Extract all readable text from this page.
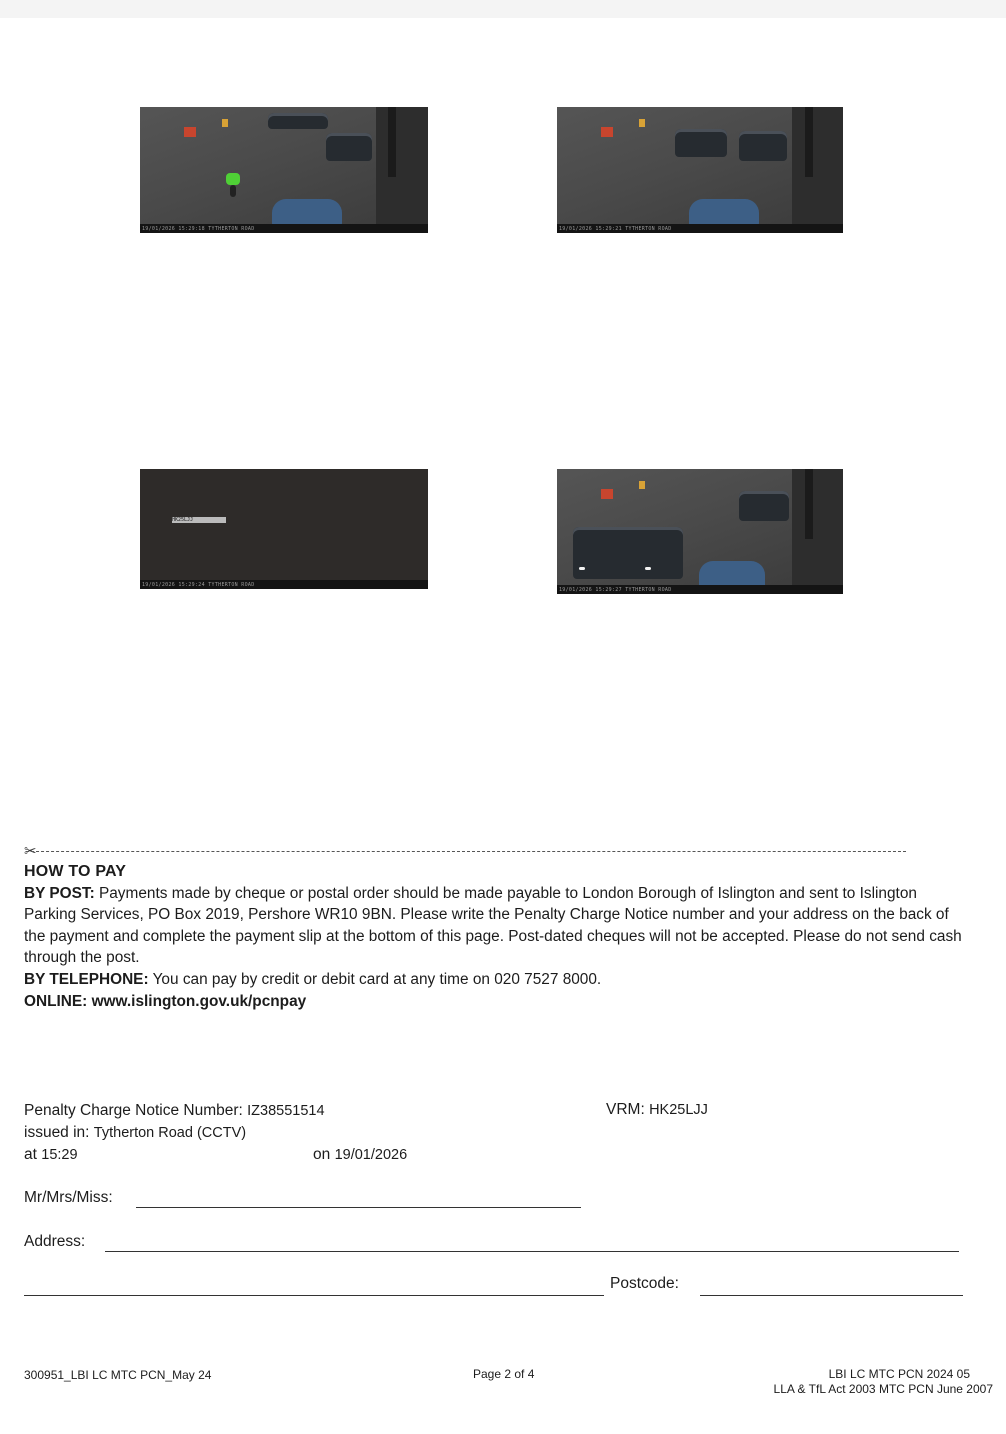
19/01/2026 15:29:18 TYTHERTON ROAD	19/01/2026 15:29:21 TYTHERTON ROAD
HK25LJJ
19/01/2026 15:29:24 TYTHERTON ROAD
19/01/2026 15:29:27 TYTHERTON ROAD
✂
HOW TO PAY

BY POST: Payments made by cheque or postal order should be made payable to London Borough of Islington and sent to Islington Parking Services, PO Box 2019, Pershore WR10 9BN. Please write the Penalty Charge Notice number and your address on the back of the payment and complete the payment slip at the bottom of this page. Post-dated cheques will not be accepted. Please do not send cash through the post.

BY TELEPHONE: You can pay by credit or debit card at any time on 020 7527 8000.

ONLINE: www.islington.gov.uk/pcnpay

Penalty Charge Notice Number: IZ38551514	VRM: HK25LJJ
issued in: Tytherton Road (CCTV)
at 15:29	on 19/01/2026
Mr/Mrs/Miss:
Address:
Postcode:
300951_LBI LC MTC PCN_May 24	Page 2 of 4	LBI LC MTC PCN 2024 05
LLA & TfL Act 2003 MTC PCN June 2007
